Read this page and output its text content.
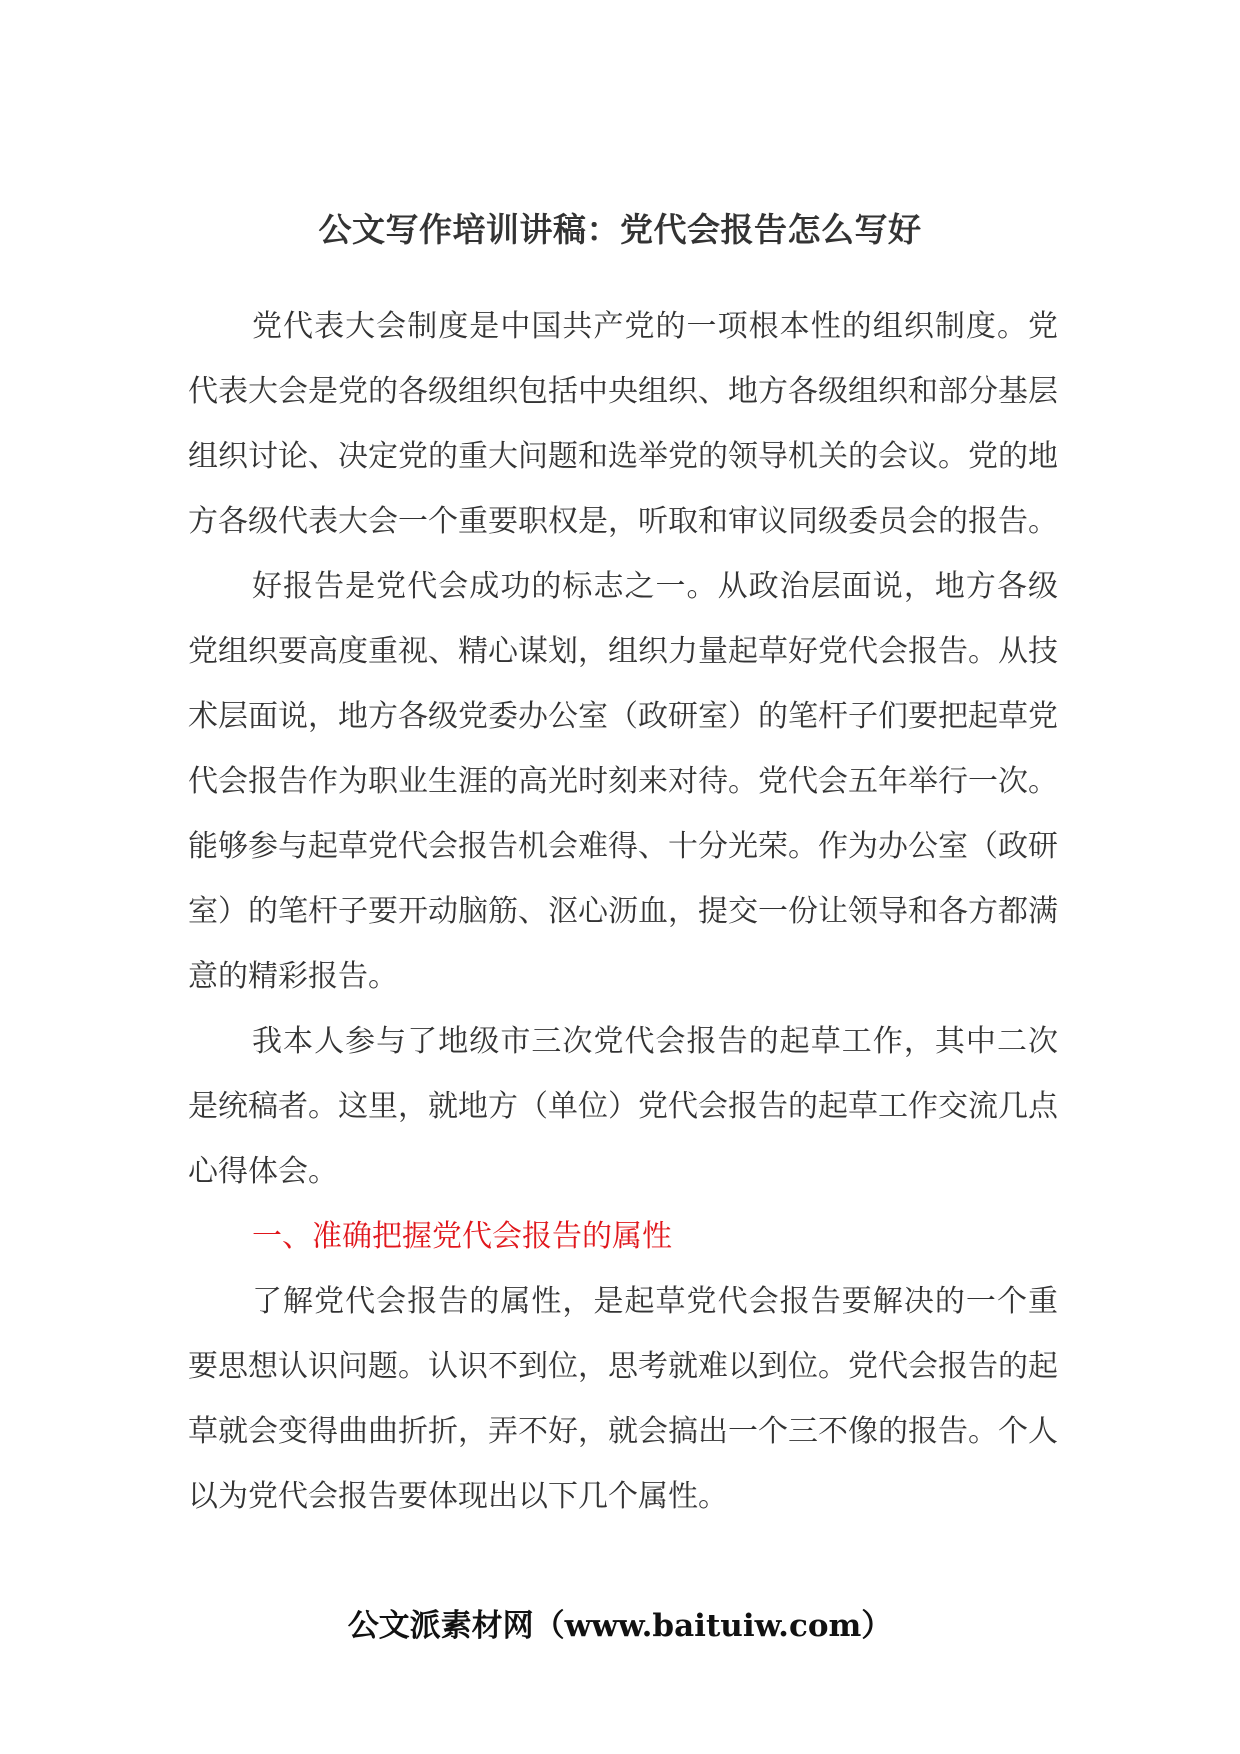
公文写作培训讲稿：党代会报告怎么写好

党代表大会制度是中国共产党的一项根本性的组织制度。党代表大会是党的各级组织包括中央组织、地方各级组织和部分基层组织讨论、决定党的重大问题和选举党的领导机关的会议。党的地方各级代表大会一个重要职权是，听取和审议同级委员会的报告。

好报告是党代会成功的标志之一。从政治层面说，地方各级党组织要高度重视、精心谋划，组织力量起草好党代会报告。从技术层面说，地方各级党委办公室（政研室）的笔杆子们要把起草党代会报告作为职业生涯的高光时刻来对待。党代会五年举行一次。能够参与起草党代会报告机会难得、十分光荣。作为办公室（政研室）的笔杆子要开动脑筋、沤心沥血，提交一份让领导和各方都满意的精彩报告。

我本人参与了地级市三次党代会报告的起草工作，其中二次是统稿者。这里，就地方（单位）党代会报告的起草工作交流几点心得体会。

一、准确把握党代会报告的属性

了解党代会报告的属性，是起草党代会报告要解决的一个重要思想认识问题。认识不到位，思考就难以到位。党代会报告的起草就会变得曲曲折折，弄不好，就会搞出一个三不像的报告。个人以为党代会报告要体现出以下几个属性。

公文派素材网（www.baituiw.com）
